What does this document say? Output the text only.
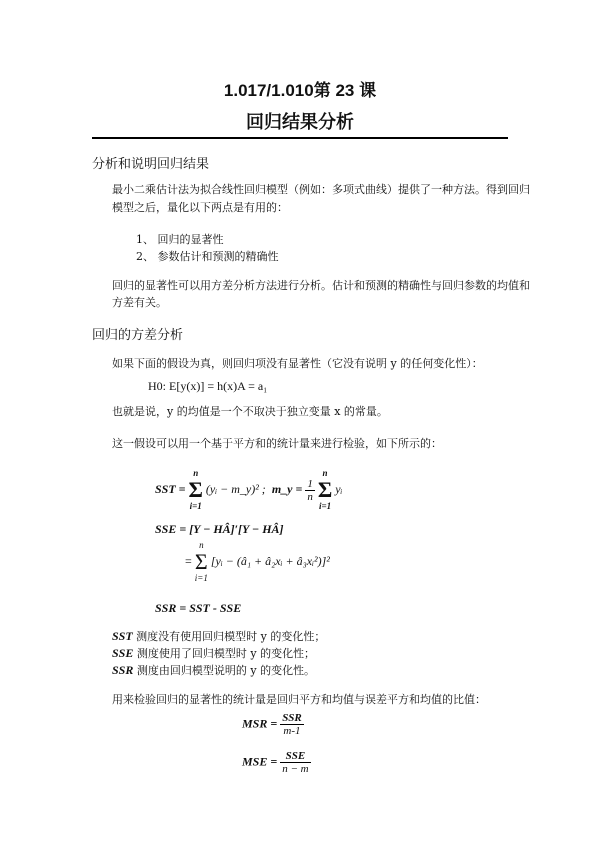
1.017/1.010第 23 课
回归结果分析
分析和说明回归结果
最小二乘估计法为拟合线性回归模型（例如：多项式曲线）提供了一种方法。得到回归
模型之后，量化以下两点是有用的：
1、 回归的显著性
2、 参数估计和预测的精确性
回归的显著性可以用方差分析方法进行分析。估计和预测的精确性与回归参数的均值和
方差有关。
回归的方差分析
如果下面的假设为真，则回归项没有显著性（它没有说明 y 的任何变化性）：
H0: E[y(x)] = h(x)A = a₁
也就是说，y 的均值是一个不取决于独立变量 x 的常量。
这一假设可以用一个基于平方和的统计量来进行检验，如下所示的：
SST =
n
Σ
i=1
(yᵢ − m_y)² ; m_y = $\frac{1}{n}$

n
Σ
i=1
yᵢ
SSE = [Y − HÂ]′[Y − HÂ]
=
n
Σ
i=1
[yᵢ − (â₁ + â₂xᵢ + â₃xᵢ²)]²
SSR = SST - SSE
SST 测度没有使用回归模型时 y 的变化性；
SSE 测度使用了回归模型时 y 的变化性；
SSR 测度由回归模型说明的 y 的变化性。
用来检验回归的显著性的统计量是回归平方和均值与误差平方和均值的比值：
MSR = $\frac{\text{SSR}}{m-1}$
MSE = $\frac{\text{SSE}}{n - m}$
